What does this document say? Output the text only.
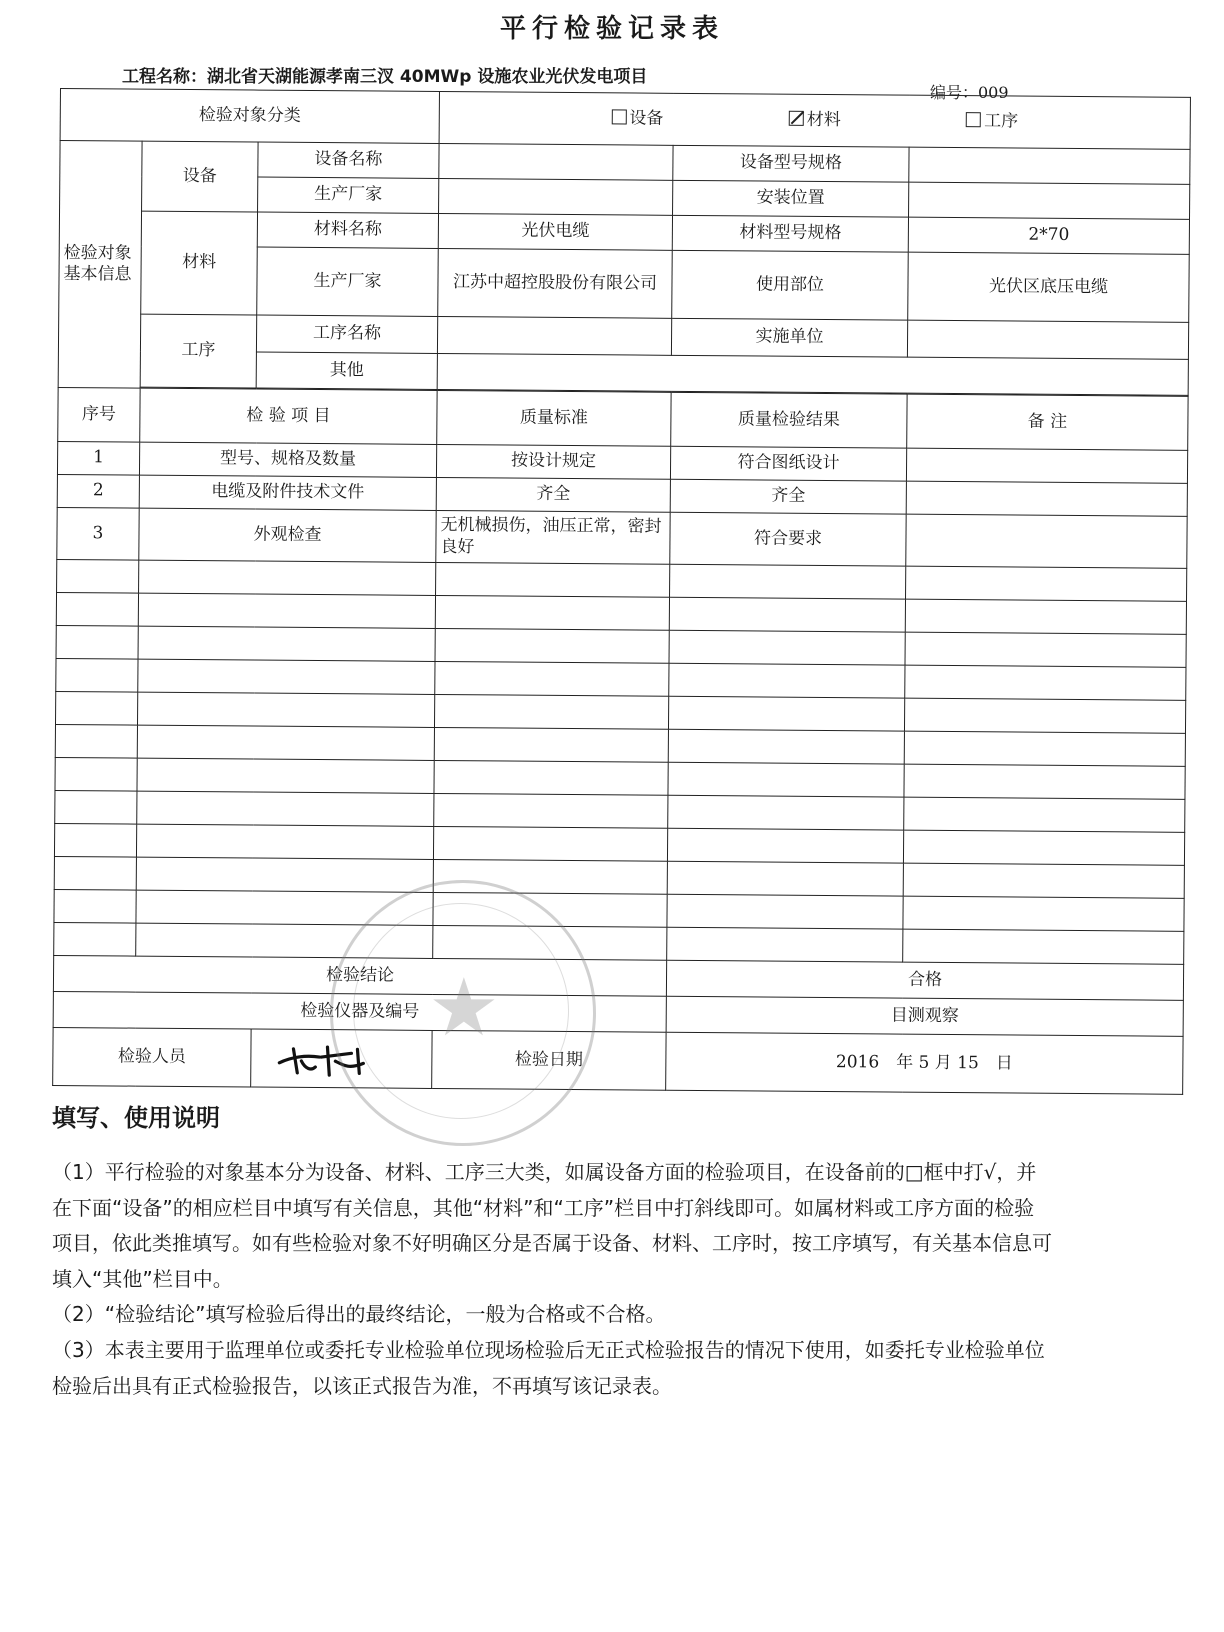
平行检验记录表
工程名称：湖北省天湖能源孝南三汊 40MWp 设施农业光伏发电项目
编号：009
检验对象分类			设备 材料 工序		
检验对象基本信息	设备	设备名称		设备型号规格	
		生产厂家		安装位置	
	材料	材料名称	光伏电缆	材料型号规格	2*70
		生产厂家	江苏中超控股股份有限公司	使用部位	光伏区底压电缆
	工序	工序名称		实施单位	
		其他			

序号	检 验 项 目		质量标准	质量检验结果	备 注
1	型号、规格及数量		按设计规定	符合图纸设计	
2	电缆及附件技术文件		齐全	齐全	
3	外观检查		无机械损伤，油压正常，密封良好	符合要求	

检验结论				合格	
检验仪器及编号				目测观察	
检验人员			检验日期	2016　年 5 月 15　日	
★
填写、使用说明

（1）平行检验的对象基本分为设备、材料、工序三大类，如属设备方面的检验项目，在设备前的□框中打√，并在下面“设备”的相应栏目中填写有关信息，其他“材料”和“工序”栏目中打斜线即可。如属材料或工序方面的检验项目，依此类推填写。如有些检验对象不好明确区分是否属于设备、材料、工序时，按工序填写，有关基本信息可填入“其他”栏目中。

（2）“检验结论”填写检验后得出的最终结论，一般为合格或不合格。

（3）本表主要用于监理单位或委托专业检验单位现场检验后无正式检验报告的情况下使用，如委托专业检验单位检验后出具有正式检验报告，以该正式报告为准，不再填写该记录表。
